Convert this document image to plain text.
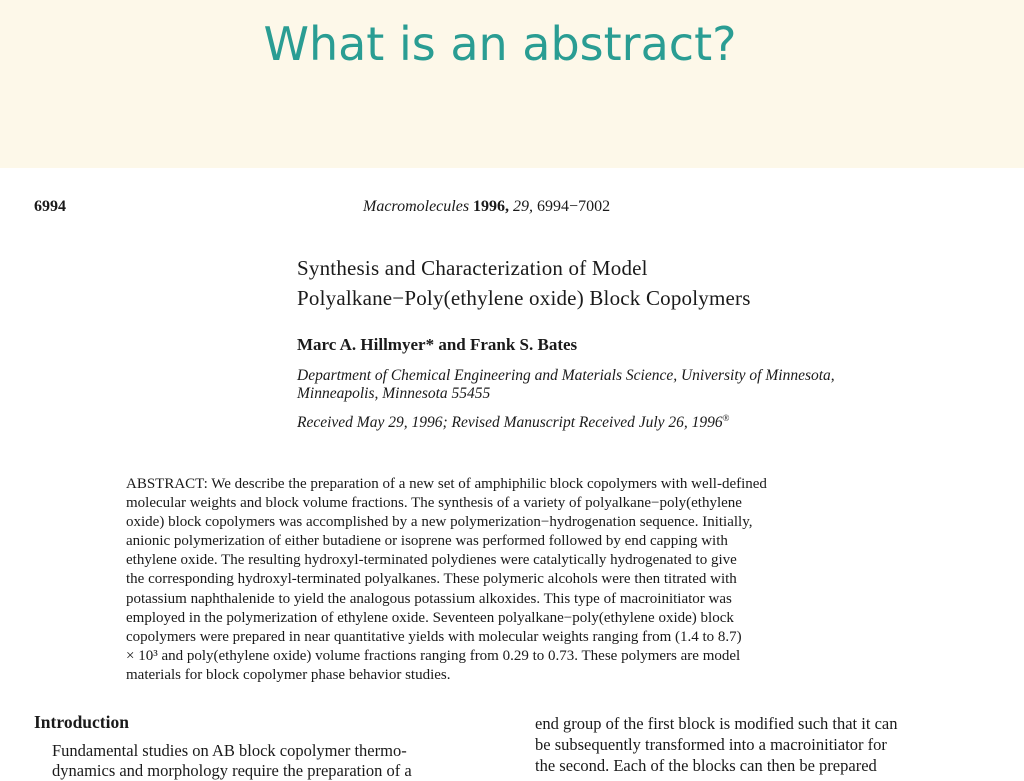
What is an abstract?
6994	Macromolecules 1996, 29, 6994−7002
Synthesis and Characterization of Model
Polyalkane−Poly(ethylene oxide) Block Copolymers
Marc A. Hillmyer* and Frank S. Bates
Department of Chemical Engineering and Materials Science, University of Minnesota,
Minneapolis, Minnesota 55455
Received May 29, 1996; Revised Manuscript Received July 26, 1996®
ABSTRACT: We describe the preparation of a new set of amphiphilic block copolymers with well-defined
molecular weights and block volume fractions. The synthesis of a variety of polyalkane−poly(ethylene
oxide) block copolymers was accomplished by a new polymerization−hydrogenation sequence. Initially,
anionic polymerization of either butadiene or isoprene was performed followed by end capping with
ethylene oxide. The resulting hydroxyl-terminated polydienes were catalytically hydrogenated to give
the corresponding hydroxyl-terminated polyalkanes. These polymeric alcohols were then titrated with
potassium naphthalenide to yield the analogous potassium alkoxides. This type of macroinitiator was
employed in the polymerization of ethylene oxide. Seventeen polyalkane−poly(ethylene oxide) block
copolymers were prepared in near quantitative yields with molecular weights ranging from (1.4 to 8.7)
× 10³ and poly(ethylene oxide) volume fractions ranging from 0.29 to 0.73. These polymers are model
materials for block copolymer phase behavior studies.
Introduction
Fundamental studies on AB block copolymer thermo-
dynamics and morphology require the preparation of a
end group of the first block is modified such that it can
be subsequently transformed into a macroinitiator for
the second. Each of the blocks can then be prepared
